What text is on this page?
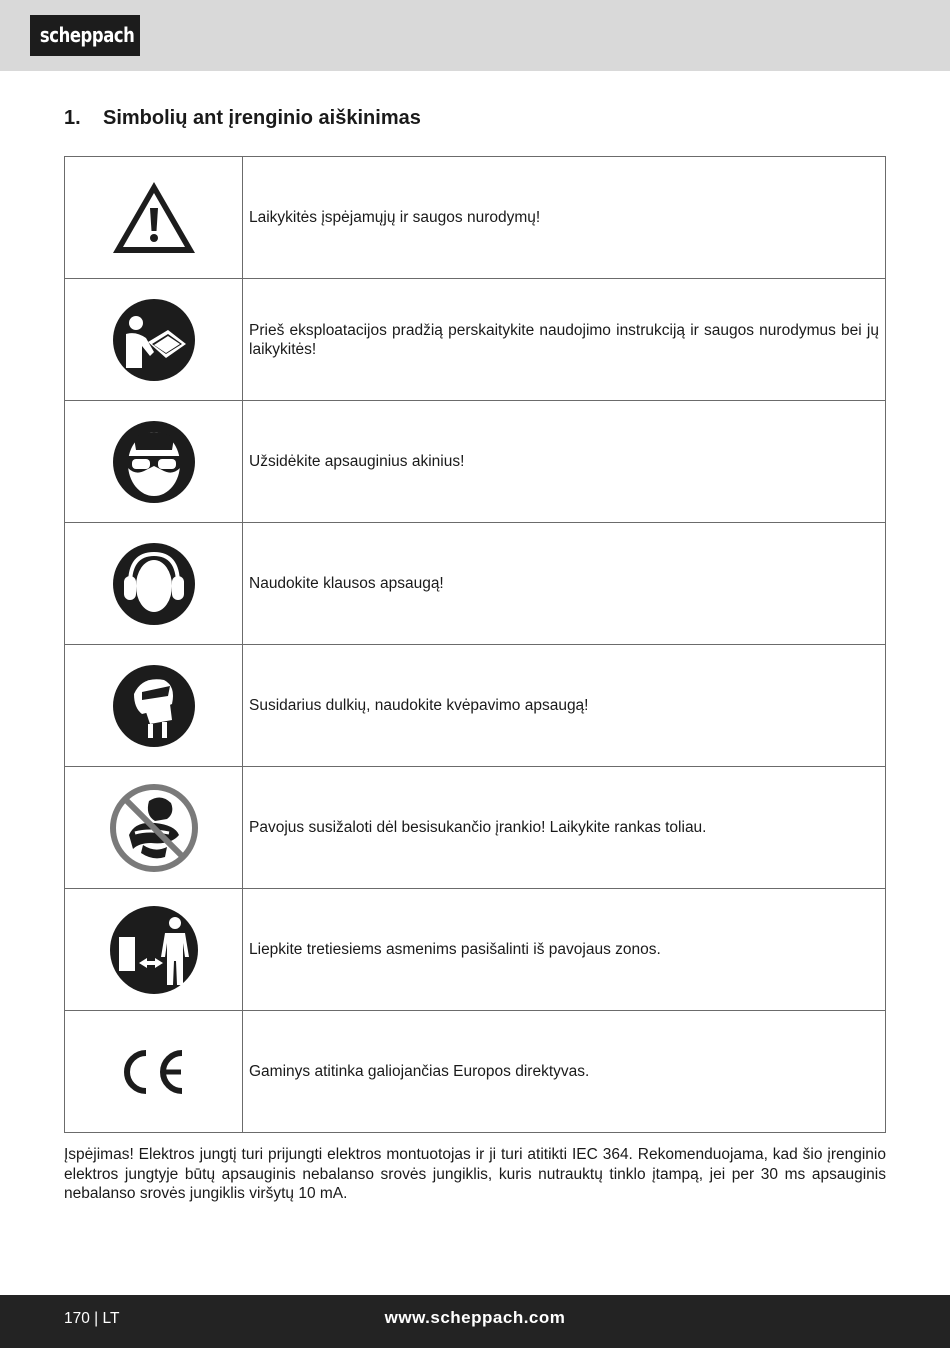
scheppach
1. Simbolių ant įrenginio aiškinimas
	Laikykitės įspėjamųjų ir saugos nurodymų!

	Prieš eksploatacijos pradžią perskaitykite naudojimo instrukciją ir saugos nurodymus bei jų laikykitės!

	Užsidėkite apsauginius akinius!

	Naudokite klausos apsaugą!

	Susidarius dulkių, naudokite kvėpavimo apsaugą!

	Pavojus susižaloti dėl besisukančio įrankio! Laikykite rankas toliau.

	Liepkite tretiesiems asmenims pasišalinti iš pavojaus zonos.

	Gaminys atitinka galiojančias Europos direktyvas.
Įspėjimas! Elektros jungtį turi prijungti elektros montuotojas ir ji turi atitikti IEC 364. Rekomenduojama, kad šio įrenginio elektros jungtyje būtų apsauginis nebalanso srovės jungiklis, kuris nutrauktų tinklo įtampą, jei per 30 ms apsauginis nebalanso srovės jungiklis viršytų 10 mA.
170 | LT	www.scheppach.com
